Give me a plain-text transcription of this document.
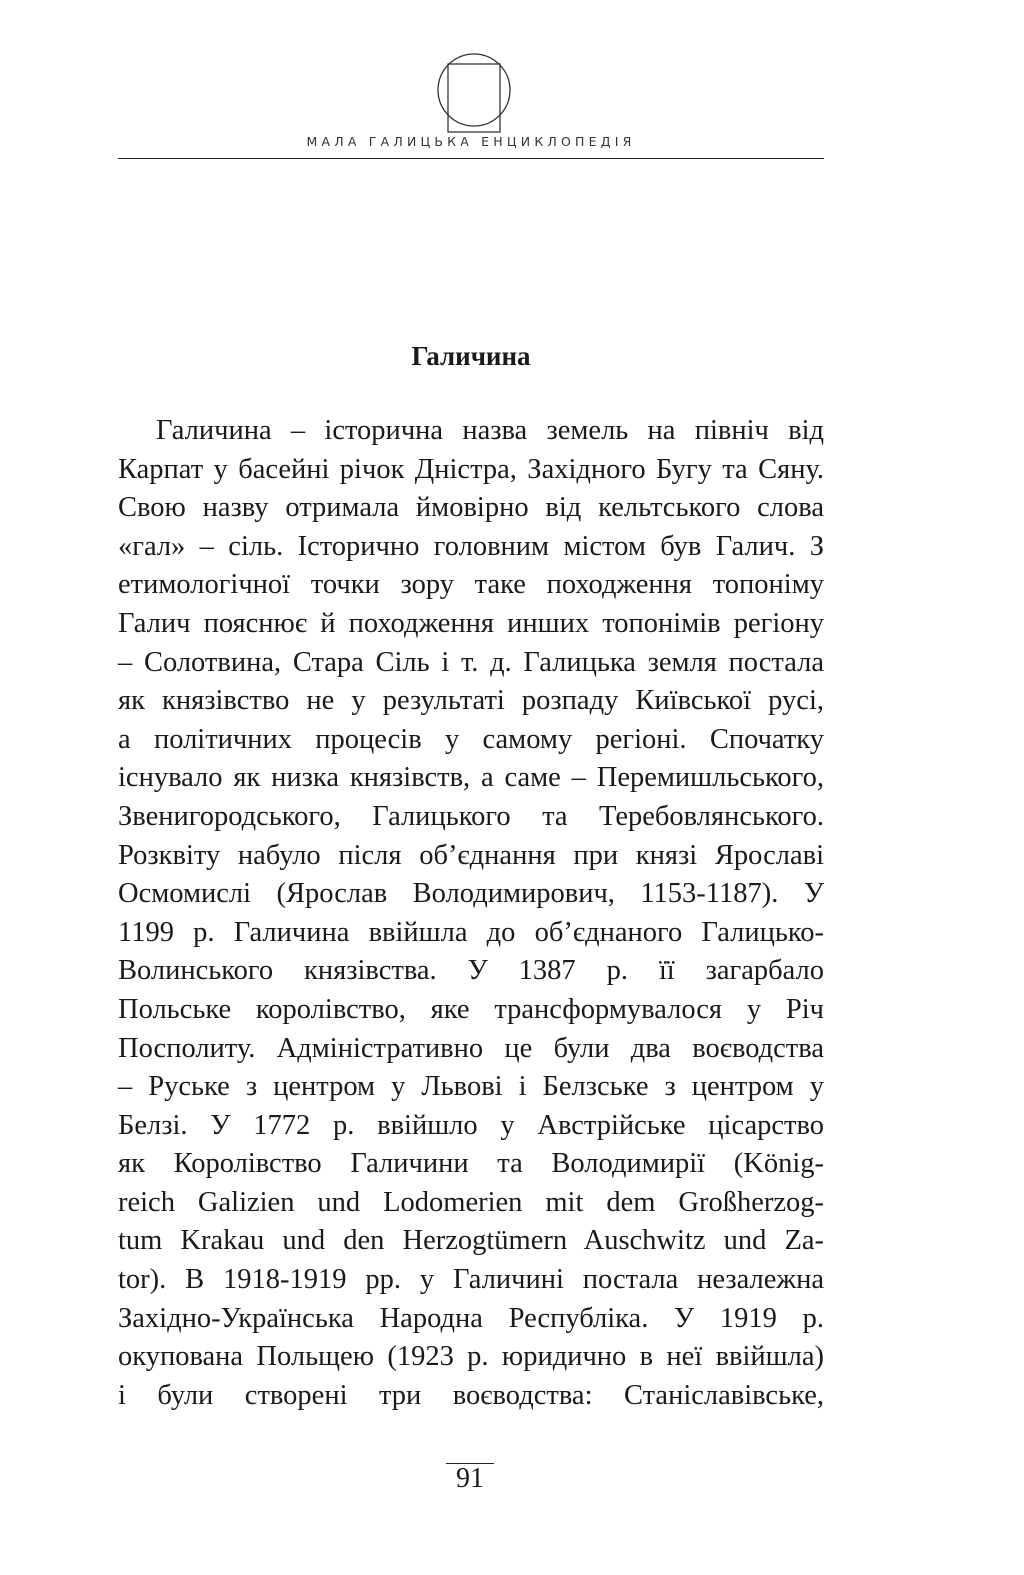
МАЛА ГАЛИЦЬКА ЕНЦИКЛОПЕДІЯ
Галичина
Галичина – історична назва земель на північ від
Карпат у басейні річок Дністра, Західного Бугу та Сяну.
Свою назву отримала ймовірно від кельтського слова
«гал» – сіль. Історично головним містом був Галич. З
етимологічної точки зору таке походження топоніму
Галич пояснює й походження инших топонімів регіону
– Солотвина, Стара Сіль і т. д. Галицька земля постала
як князівство не у результаті розпаду Київської русі,
а політичних процесів у самому регіоні. Спочатку
існувало як низка князівств, а саме – Перемишльського,
Звенигородського, Галицького та Теребовлянського.
Розквіту набуло після об’єднання при князі Ярославі
Осмомислі (Ярослав Володимирович, 1153-1187). У
1199 р. Галичина ввійшла до об’єднаного Галицько-
Волинського князівства. У 1387 р. її загарбало
Польське королівство, яке трансформувалося у Річ
Посполиту. Адміністративно це були два воєводства
– Руське з центром у Львові і Белзське з центром у
Белзі. У 1772 р. ввійшло у Австрійське цісарство
як Королівство Галичини та Володимирії (König-
reich Galizien und Lodomerien mit dem Großherzog-
tum Krakau und den Herzogtümern Auschwitz und Za-
tor). В 1918-1919 рр. у Галичині постала незалежна
Західно-Українська Народна Республіка. У 1919 р.
окупована Польщею (1923 р. юридично в неї ввійшла)
і були створені три воєводства: Станіславівське,
91
